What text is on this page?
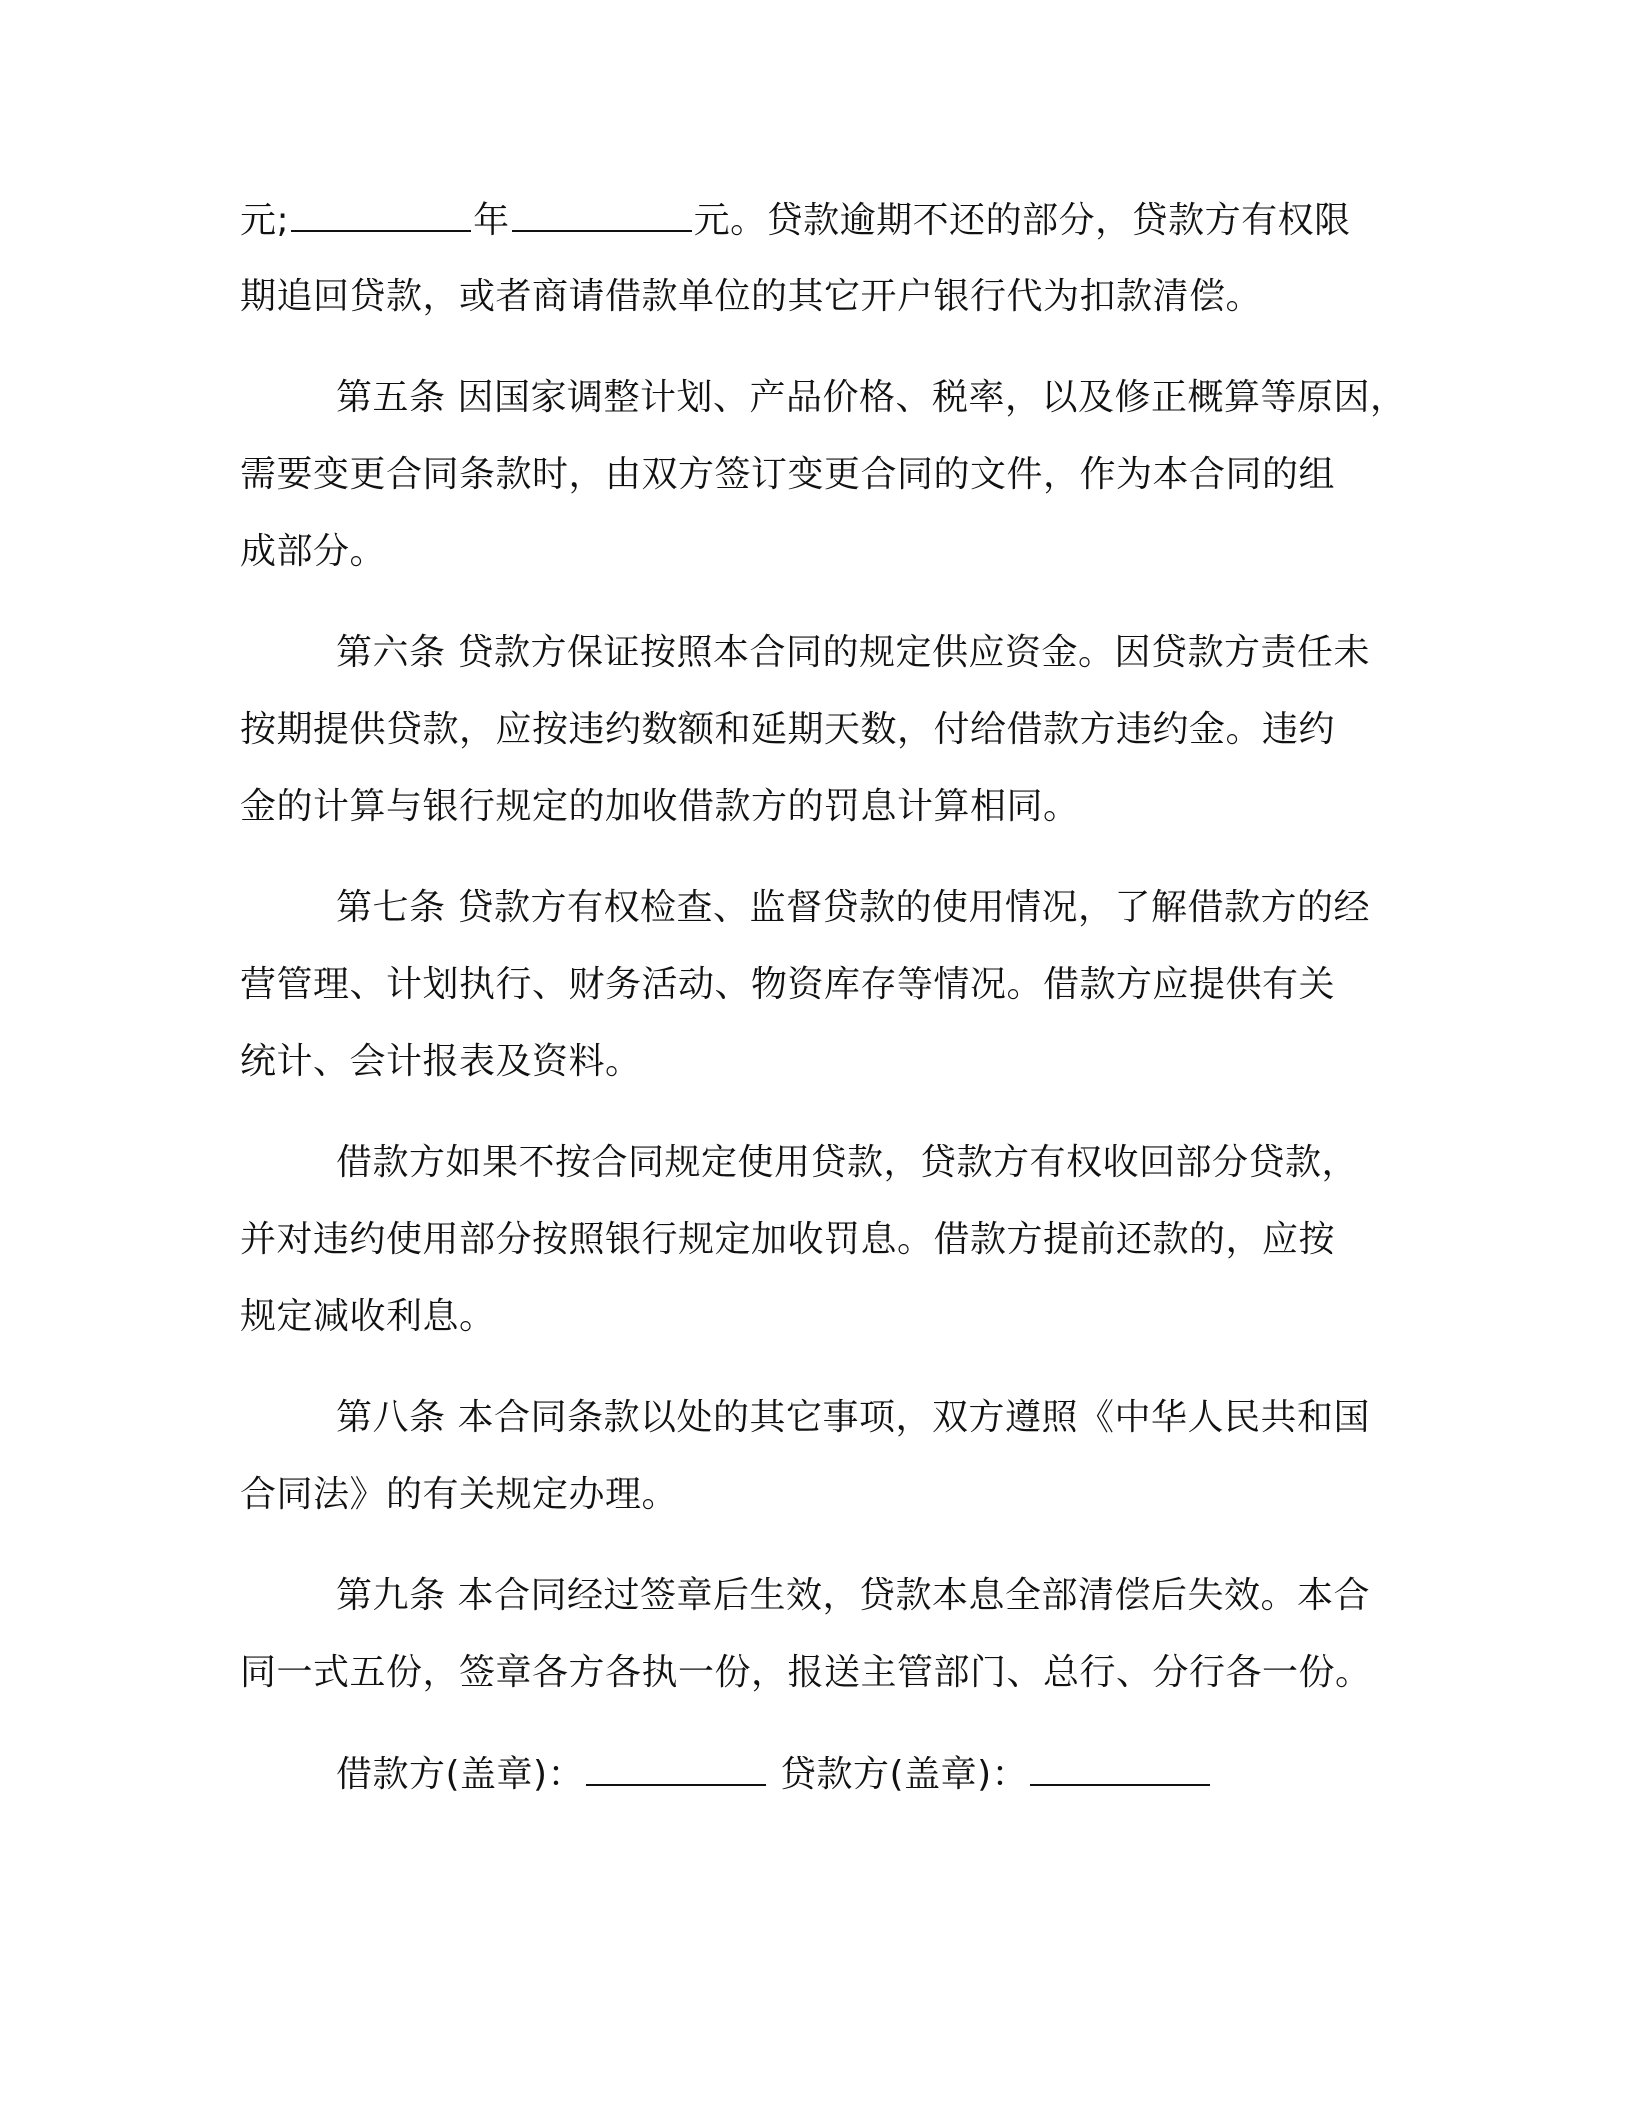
元;	年	元。贷款逾期不还的部分，贷款方有权限
期追回贷款，或者商请借款单位的其它开户银行代为扣款清偿。
第五条 因国家调整计划、产品价格、税率，以及修正概算等原因，
需要变更合同条款时，由双方签订变更合同的文件，作为本合同的组
成部分。
第六条 贷款方保证按照本合同的规定供应资金。因贷款方责任未
按期提供贷款，应按违约数额和延期天数，付给借款方违约金。违约
金的计算与银行规定的加收借款方的罚息计算相同。
第七条 贷款方有权检查、监督贷款的使用情况，了解借款方的经
营管理、计划执行、财务活动、物资库存等情况。借款方应提供有关
统计、会计报表及资料。
借款方如果不按合同规定使用贷款，贷款方有权收回部分贷款，
并对违约使用部分按照银行规定加收罚息。借款方提前还款的，应按
规定减收利息。
第八条 本合同条款以处的其它事项，双方遵照《中华人民共和国
合同法》的有关规定办理。
第九条 本合同经过签章后生效，贷款本息全部清偿后失效。本合
同一式五份，签章各方各执一份，报送主管部门、总行、分行各一份。
借款方(盖章)：	贷款方(盖章)：
